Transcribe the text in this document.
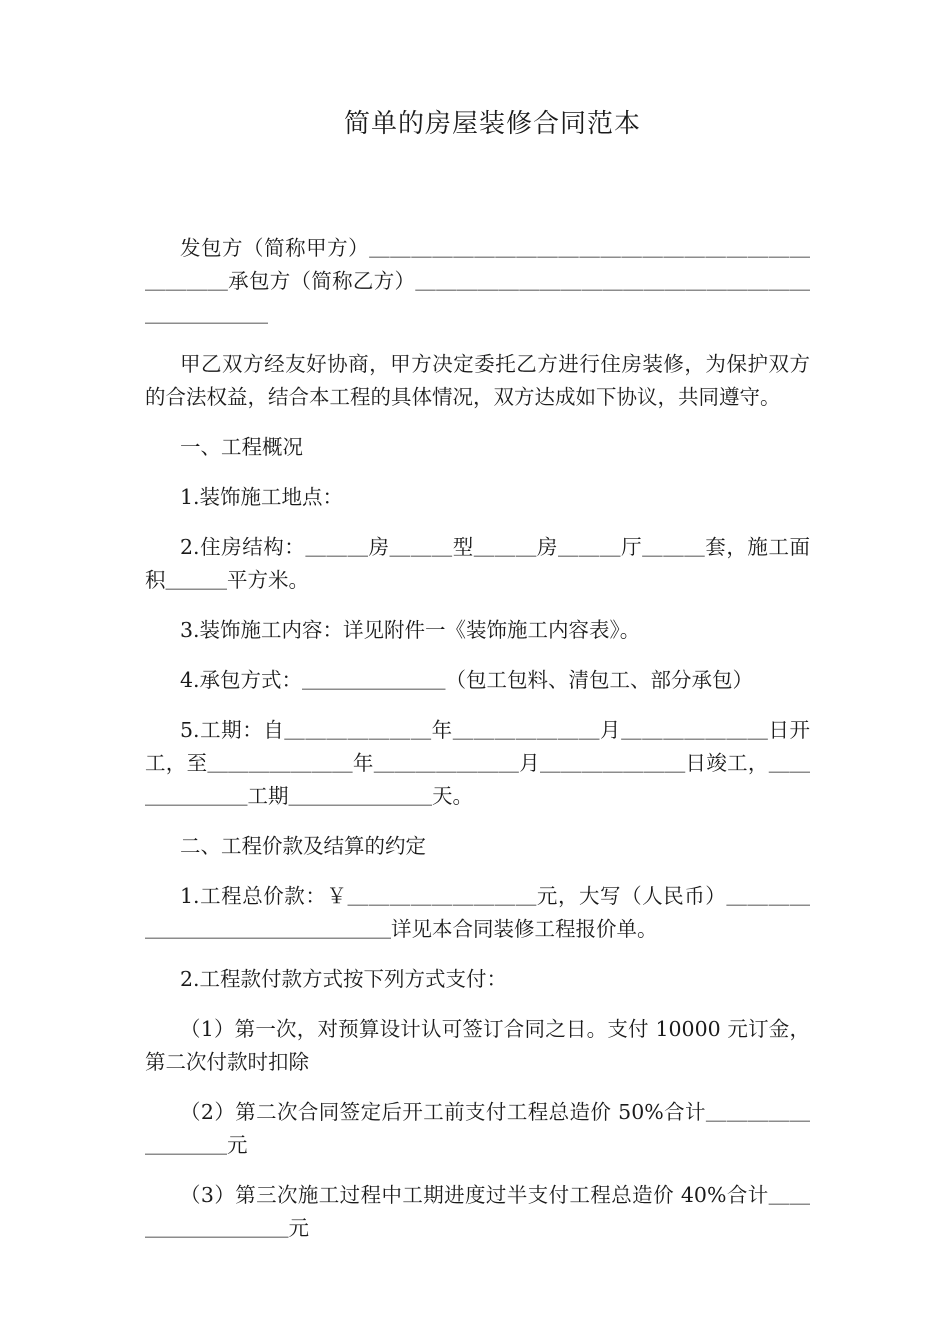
简单的房屋装修合同范本

发包方（简称甲方）＿＿＿＿＿＿＿＿＿＿＿＿＿＿＿＿＿＿＿＿＿＿＿＿＿承包方（简称乙方）＿＿＿＿＿＿＿＿＿＿＿＿＿＿＿＿＿＿＿＿＿＿＿＿＿

甲乙双方经友好协商，甲方决定委托乙方进行住房装修，为保护双方的合法权益，结合本工程的具体情况，双方达成如下协议，共同遵守。

一、工程概况

1.装饰施工地点：

2.住房结构：＿＿＿房＿＿＿型＿＿＿房＿＿＿厅＿＿＿套，施工面积＿＿＿平方米。

3.装饰施工内容：详见附件一《装饰施工内容表》。

4.承包方式：＿＿＿＿＿＿＿（包工包料、清包工、部分承包）

5.工期：自＿＿＿＿＿＿＿年＿＿＿＿＿＿＿月＿＿＿＿＿＿＿日开工，至＿＿＿＿＿＿＿年＿＿＿＿＿＿＿月＿＿＿＿＿＿＿日竣工，＿＿＿＿＿＿＿工期＿＿＿＿＿＿＿天。

二、工程价款及结算的约定

1.工程总价款：￥＿＿＿＿＿＿＿＿＿元，大写（人民币）＿＿＿＿＿＿＿＿＿＿＿＿＿＿＿＿详见本合同装修工程报价单。

2.工程款付款方式按下列方式支付：

（1）第一次，对预算设计认可签订合同之日。支付 10000 元订金，第二次付款时扣除

（2）第二次合同签定后开工前支付工程总造价 50%合计＿＿＿＿＿＿＿＿＿元

（3）第三次施工过程中工期进度过半支付工程总造价 40%合计＿＿＿＿＿＿＿＿＿元
